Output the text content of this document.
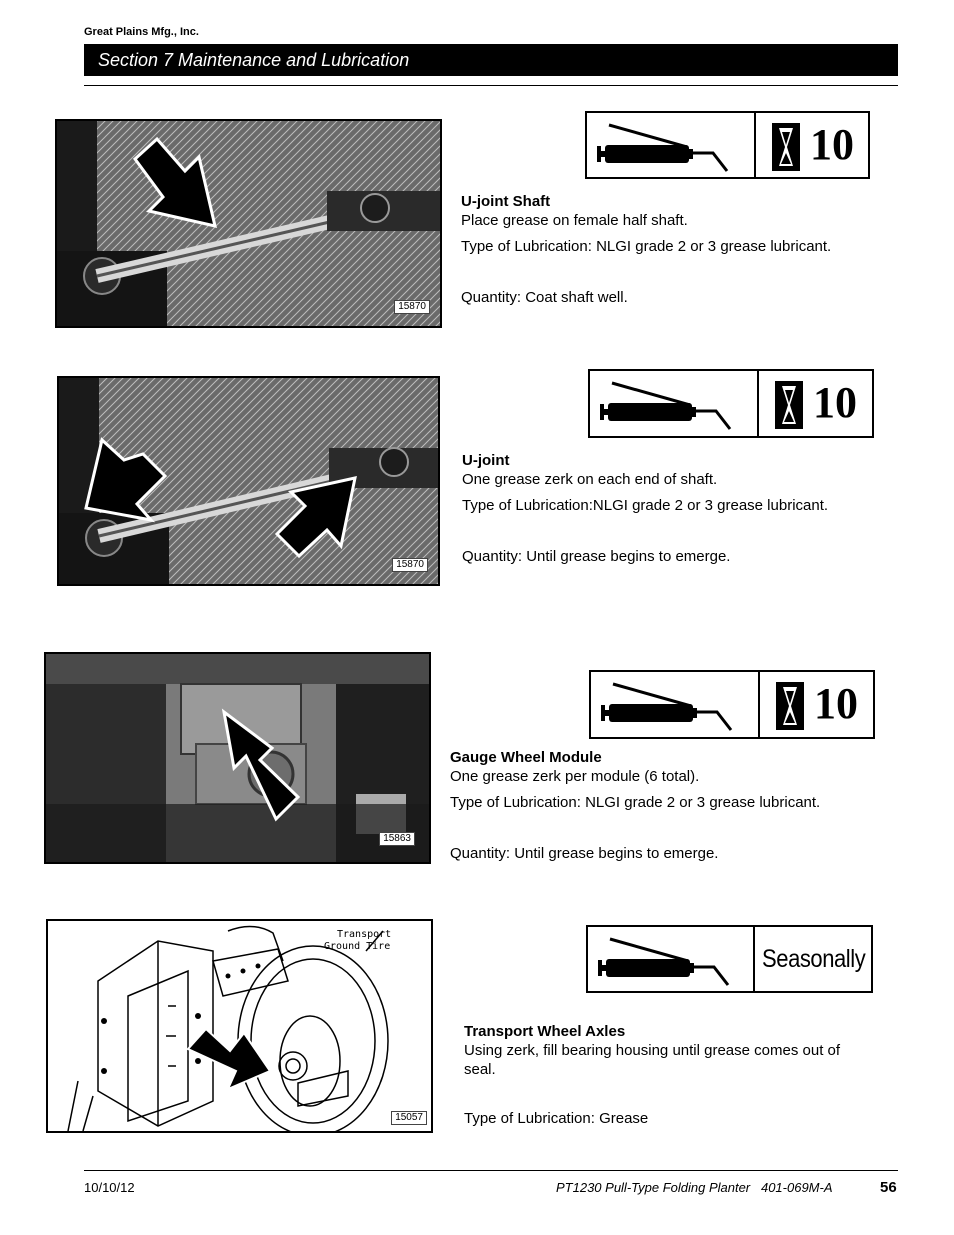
Great Plains Mfg., Inc.
Section 7 Maintenance and Lubrication
15870
10

U-joint Shaft

Place grease on female half shaft.

Type of Lubrication: NLGI grade 2 or 3 grease lubricant.

Quantity: Coat shaft well.

15870
10

U-joint

One grease zerk on each end of shaft.

Type of Lubrication:NLGI grade 2 or 3 grease lubricant.

Quantity: Until grease begins to emerge.

15863
10

Gauge Wheel Module

One grease zerk per module (6 total).

Type of Lubrication: NLGI grade 2 or 3 grease lubricant.

Quantity: Until grease begins to emerge.

Transport
Ground Tire
15057
Seasonally

Transport Wheel Axles

Using zerk, fill bearing housing until grease comes out of seal.

Type of Lubrication: Grease

10/10/12	PT1230 Pull-Type Folding Planter   401-069M-A	56
